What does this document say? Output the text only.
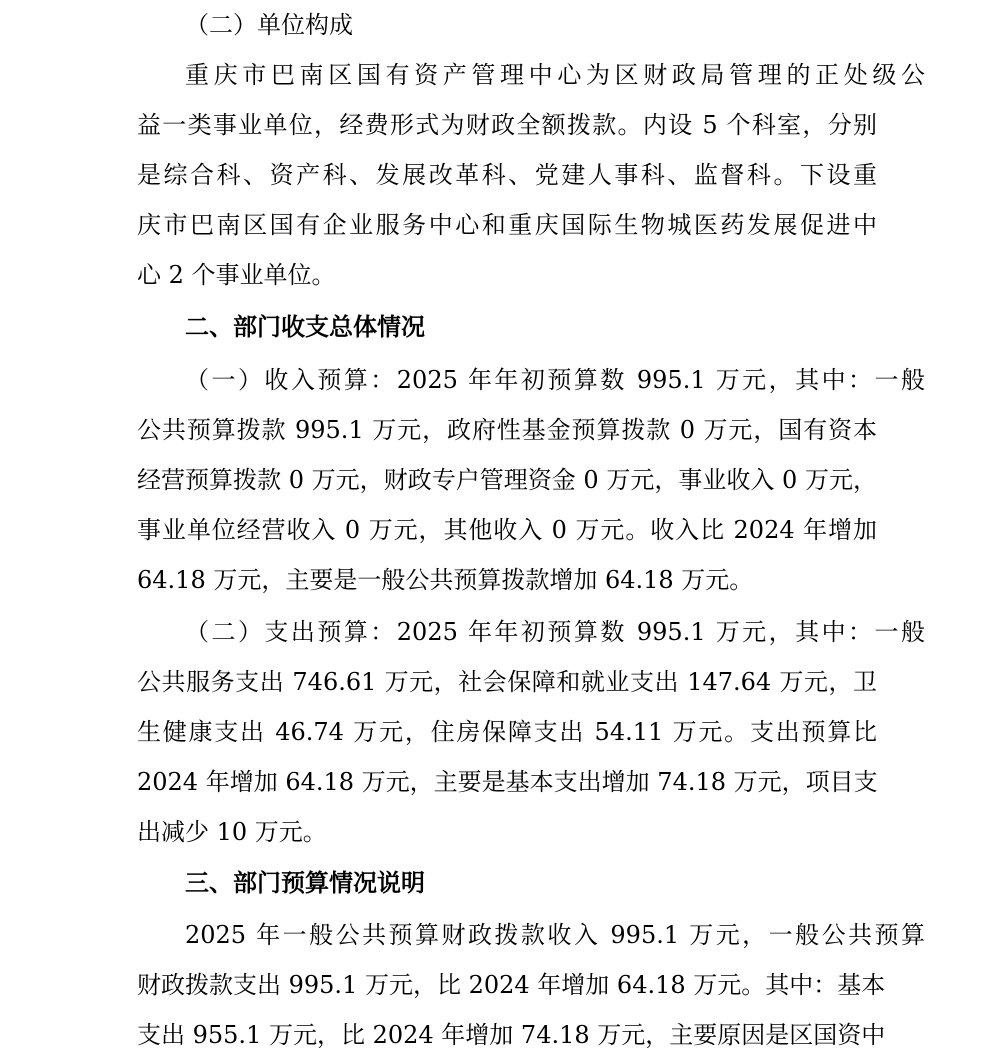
（二）单位构成
重庆市巴南区国有资产管理中心为区财政局管理的正处级公
益一类事业单位，经费形式为财政全额拨款。内设 5 个科室，分别
是综合科、资产科、发展改革科、党建人事科、监督科。下设重
庆市巴南区国有企业服务中心和重庆国际生物城医药发展促进中
心 2 个事业单位。
二、部门收支总体情况
（一）收入预算：2025 年年初预算数 995.1 万元，其中：一般
公共预算拨款 995.1 万元，政府性基金预算拨款 0 万元，国有资本
经营预算拨款 0 万元，财政专户管理资金 0 万元，事业收入 0 万元，
事业单位经营收入 0 万元，其他收入 0 万元。收入比 2024 年增加
64.18 万元，主要是一般公共预算拨款增加 64.18 万元。
（二）支出预算：2025 年年初预算数 995.1 万元，其中：一般
公共服务支出 746.61 万元，社会保障和就业支出 147.64 万元，卫
生健康支出 46.74 万元，住房保障支出 54.11 万元。支出预算比
2024 年增加 64.18 万元，主要是基本支出增加 74.18 万元，项目支
出减少 10 万元。
三、部门预算情况说明
2025 年一般公共预算财政拨款收入 995.1 万元，一般公共预算
财政拨款支出 995.1 万元，比 2024 年增加 64.18 万元。其中：基本
支出 955.1 万元，比 2024 年增加 74.18 万元，主要原因是区国资中
